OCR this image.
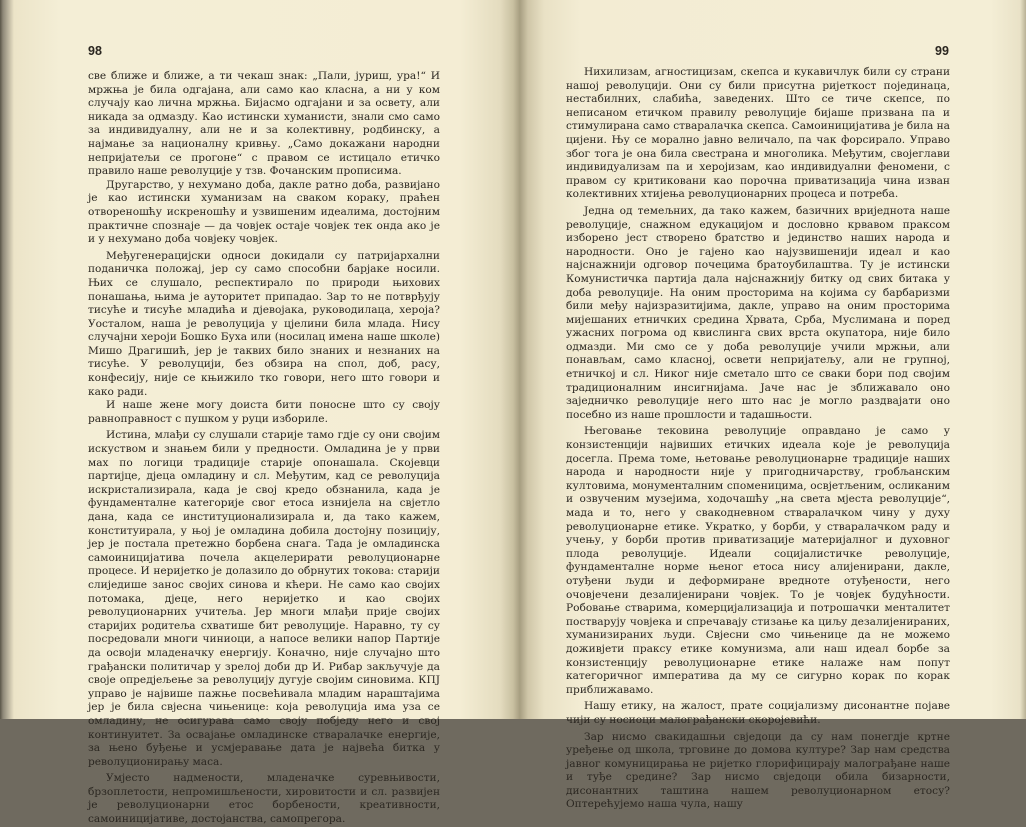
98

све ближе и ближе, а ти чекаш знак: „Пали, јуриш, ура!“ И мржња је била одгајана, али само као класна, а ни у ком случају као лична мржња. Бијасмо одгајани и за освету, али никада за одмазду. Као истински хуманисти, знали смо само за индивидуалну, али не и за колективну, родбинску, а најмање за националну кривњу. „Само докажани народни непријатељи се прогоне“ с правом се истицало етичко правило наше револуције у тзв. Фочанским прописима.

Другарство, у нехумано доба, дакле ратно доба, развијано је као истински хуманизам на сваком кораку, праћен отвореношћу искреношћу и узвишеним идеалима, достојним практичне спознаје — да човјек остаје човјек тек онда ако је и у нехумано доба човјеку човјек.

Међугенерацијски односи докидали су патријархални поданичка положај, јер су само способни барјаке носили. Њих се слушало, респектирало по природи њихових понашања, њима је ауторитет припадао. Зар то не потврђују тисуће и тисуће младића и дјевојака, руководилаца, хероја? Уосталом, наша је револуција у цјелини била млада. Нису случајни хероји Бошко Буха или (носилац имена наше школе) Мишо Драгишић, јер је таквих било знаних и незнаних на тисуће. У револуцији, без обзира на спол, доб, расу, конфесију, није се књижило тко говори, него што говори и како ради.

И наше жене могу доиста бити поносне што су своју равноправност с пушком у руци избориле.

Истина, млађи су слушали старије тамо гдје су они својим искуством и знањем били у предности. Омладина је у први мах по логици традиције старије опонашала. Скојевци партијце, дјеца омладину и сл. Међутим, кад се револуција искристализирала, када је свој кредо обзнанила, када је фундаменталне категорије свог етоса изнијела на свјетло дана, када се институционализирала и, да тако кажем, конституирала, у њој је омладина добила достојну позицију, јер је постала претежно борбена снага. Тада је омладинска самоиницијатива почела акцелерирати револуционарне процесе. И неријетко је долазило до обрнутих токова: старији слиједише занос својих синова и кћери. Не само као својих потомака, дјеце, него неријетко и као својих револуционарних учитеља. Јер многи млађи прије својих старијих родитеља схватише бит револуције. Наравно, ту су посредовали многи чиниоци, а напосе велики напор Партије да освоји младеначку енергију. Коначно, није случајно што грађански политичар у зрелој доби др И. Рибар закључује да своје опредјељење за револуцију дугује својим синовима. КПЈ управо је највише пажње посвећивала младим нараштајима јер је била свјесна чињенице: која револуција има уза се омладину, не осигурава само своју побједу него и свој континуитет. За освајање омладинске стваралачке енергије, за њено буђење и усмјеравање дата је највећа битка у револуционирању маса.

Умјесто надмености, младеначке суревњивости, брзоплетости, непромишљености, хировитости и сл. развијен је револуционарни етос борбености, креативности, самоиницијативе, достојанства, самопрегора.

99

Нихилизам, агностицизам, скепса и кукавичлук били су страни нашој револуцији. Они су били присутна ријеткост појединаца, нестабилних, слабића, заведених. Што се тиче скепсе, по неписаном етичком правилу револуције бијаше призвана па и стимулирана само стваралачка скепса. Самоиницијатива је била на цијени. Њу се морално јавно величало, па чак форсирало. Управо због тога је она била свестрана и многолика. Међутим, својеглави индивидуализам па и херојизам, као индивидуални феномени, с правом су критиковани као порочна приватизација чина изван колективних хтијења револуционарних процеса и потреба.

Једна од темељних, да тако кажем, базичних вриједнота наше револуције, снажном едукацијом и дословно крвавом праксом изборено јест створено братство и јединство наших народа и народности. Оно је гајено као најузвишенији идеал и као најснажнији одговор почецима братоубилаштва. Ту је истински Комунистичка партија дала најснажнију битку од свих битака у доба револуције. На оним просторима на којима су барбаризми били међу најизразитијима, дакле, управо на оним просторима мијешаних етничких средина Хрвата, Срба, Муслимана и поред ужасних погрома од квислинга свих врста окупатора, није било одмазди. Ми смо се у доба револуције учили мржњи, али понављам, само класној, освети непријатељу, али не групној, етничкој и сл. Никог није сметало што се сваки бори под својим традиционалним инсигнијама. Јаче нас је зближавало оно заједничко револуције него што нас је могло раздвајати оно посебно из наше прошлости и тадашњости.

Његовање тековина револуције оправдано је само у конзистенцији највиших етичких идеала које је револуција досегла. Према томе, њетовање револуционарне традиције наших народа и народности није у пригодничарству, гробљанским култовима, монументалним споменицима, освјетљеним, осликаним и озвученим музејима, ходочашћу „на света мјеста револуције“, мада и то, него у свакодневном стваралачком чину у духу револуционарне етике. Укратко, у борби, у стваралачком раду и учењу, у борби против приватизације материјалног и духовног плода револуције. Идеали социјалистичке револуције, фундаменталне норме њеног етоса нису алијенирани, дакле, отуђени људи и деформиране вредноте отуђености, него очовјечени дезалијенирани човјек. То је човјек будућности. Робовање стварима, комерцијализација и потрошачки менталитет постварују човјека и спречавају стизање ка циљу дезалијенираних, хуманизираних људи. Свјесни смо чињенице да не можемо доживјети праксу етике комунизма, али наш идеал борбе за конзистенцију револуционарне етике налаже нам попут категоричног императива да му се сигурно корак по корак приближавамо.

Нашу етику, на жалост, прате социјализму дисонантне појаве чији су носиоци малограђански скоројевићи.

Зар нисмо свакидашњи свједоци да су нам понегдје кртне уређење од школа, трговине до домова културе? Зар нам средства јавног комуницирања не ријетко глорифицирају малограђане наше и туђе средине? Зар нисмо свједоци обила бизарности, дисонантних таштина нашем револуционарном етосу? Оптерећујемо наша чула, нашу
